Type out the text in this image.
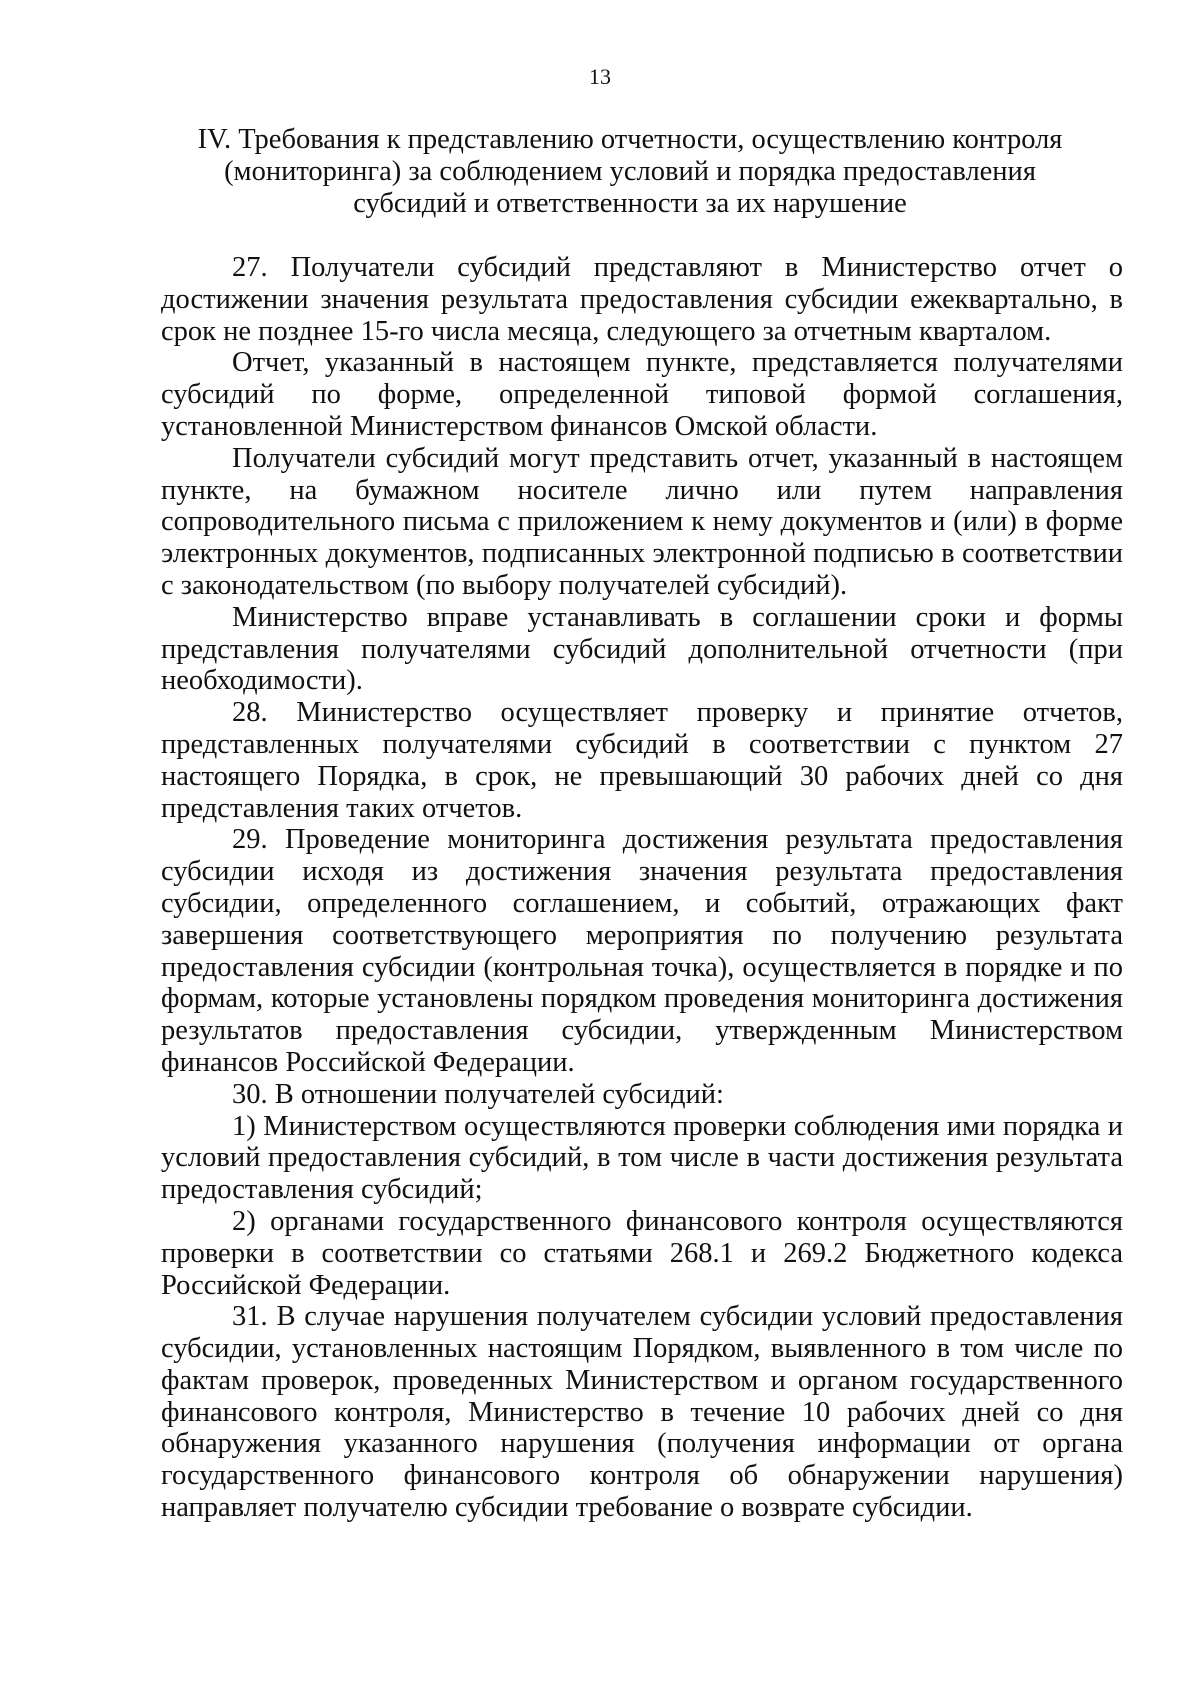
13
IV. Требования к представлению отчетности, осуществлению контроля
(мониторинга) за соблюдением условий и порядка предоставления
субсидий и ответственности за их нарушение

27. Получатели субсидий представляют в Министерство отчет о достижении значения результата предоставления субсидии ежеквартально, в срок не позднее 15-го числа месяца, следующего за отчетным кварталом.

Отчет, указанный в настоящем пункте, представляется получателями субсидий по форме, определенной типовой формой соглашения, установленной Министерством финансов Омской области.

Получатели субсидий могут представить отчет, указанный в настоящем пункте, на бумажном носителе лично или путем направления сопроводительного письма с приложением к нему документов и (или) в форме электронных документов, подписанных электронной подписью в соответствии с законодательством (по выбору получателей субсидий).

Министерство вправе устанавливать в соглашении сроки и формы представления получателями субсидий дополнительной отчетности (при необходимости).

28. Министерство осуществляет проверку и принятие отчетов, представленных получателями субсидий в соответствии с пунктом 27 настоящего Порядка, в срок, не превышающий 30 рабочих дней со дня представления таких отчетов.

29. Проведение мониторинга достижения результата предоставления субсидии исходя из достижения значения результата предоставления субсидии, определенного соглашением, и событий, отражающих факт завершения соответствующего мероприятия по получению результата предоставления субсидии (контрольная точка), осуществляется в порядке и по формам, которые установлены порядком проведения мониторинга достижения результатов предоставления субсидии, утвержденным Министерством финансов Российской Федерации.

30. В отношении получателей субсидий:

1) Министерством осуществляются проверки соблюдения ими порядка и условий предоставления субсидий, в том числе в части достижения результата предоставления субсидий;

2) органами государственного финансового контроля осуществляются проверки в соответствии со статьями 268.1 и 269.2 Бюджетного кодекса Российской Федерации.

31. В случае нарушения получателем субсидии условий предоставления субсидии, установленных настоящим Порядком, выявленного в том числе по фактам проверок, проведенных Министерством и органом государственного финансового контроля, Министерство в течение 10 рабочих дней со дня обнаружения указанного нарушения (получения информации от органа государственного финансового контроля об обнаружении нарушения) направляет получателю субсидии требование о возврате субсидии.
